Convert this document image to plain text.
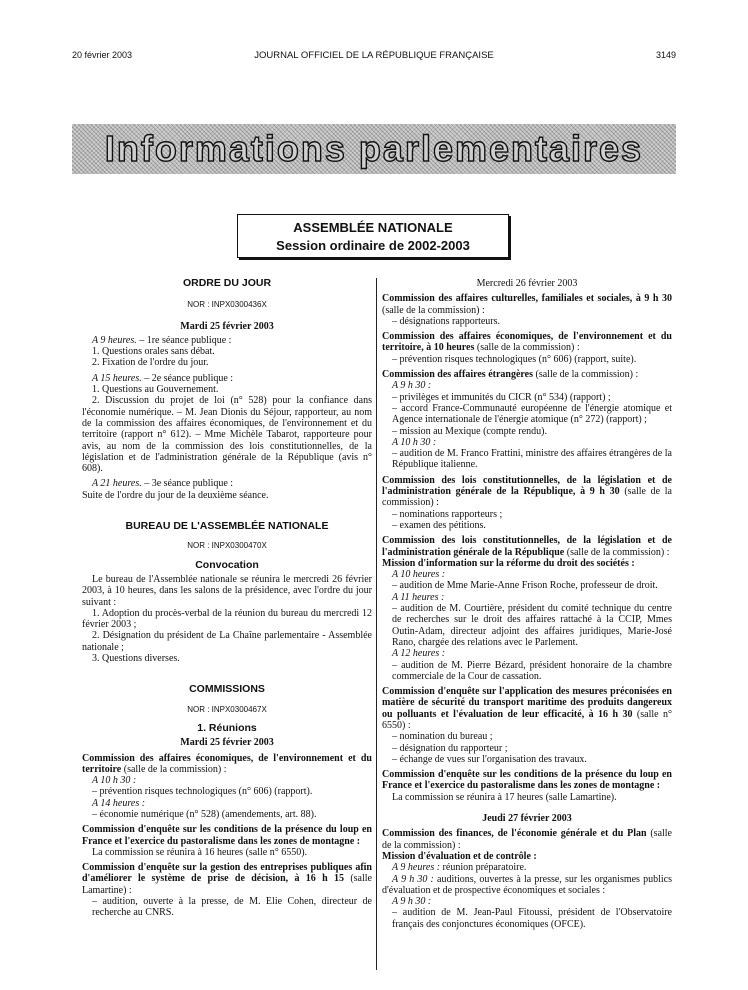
20 février 2003	JOURNAL OFFICIEL DE LA RÉPUBLIQUE FRANÇAISE	3149
Informations parlementaires
ASSEMBLÉE NATIONALE
Session ordinaire de 2002-2003

ORDRE DU JOUR

NOR : INPX0300436X

Mardi 25 février 2003

A 9 heures. – 1re séance publique :

1. Questions orales sans débat.

2. Fixation de l'ordre du jour.

A 15 heures. – 2e séance publique :

1. Questions au Gouvernement.

2. Discussion du projet de loi (n° 528) pour la confiance dans l'économie numérique. – M. Jean Dionis du Séjour, rapporteur, au nom de la commission des affaires économiques, de l'environnement et du territoire (rapport n° 612). – Mme Michèle Tabarot, rapporteure pour avis, au nom de la commission des lois constitutionnelles, de la législation et de l'administration générale de la République (avis n° 608).

A 21 heures. – 3e séance publique :

Suite de l'ordre du jour de la deuxième séance.

BUREAU DE L'ASSEMBLÉE NATIONALE

NOR : INPX0300470X

Convocation

Le bureau de l'Assemblée nationale se réunira le mercredi 26 février 2003, à 10 heures, dans les salons de la présidence, avec l'ordre du jour suivant :

1. Adoption du procès-verbal de la réunion du bureau du mercredi 12 février 2003 ;

2. Désignation du président de La Chaîne parlementaire - Assemblée nationale ;

3. Questions diverses.

COMMISSIONS

NOR : INPX0300467X

1. Réunions

Mardi 25 février 2003

Commission des affaires économiques, de l'environnement et du territoire (salle de la commission) :

A 10 h 30 :

– prévention risques technologiques (n° 606) (rapport).

A 14 heures :

– économie numérique (n° 528) (amendements, art. 88).

Commission d'enquête sur les conditions de la présence du loup en France et l'exercice du pastoralisme dans les zones de montagne :

La commission se réunira à 16 heures (salle n° 6550).

Commission d'enquête sur la gestion des entreprises publiques afin d'améliorer le système de prise de décision, à 16 h 15 (salle Lamartine) :

– audition, ouverte à la presse, de M. Elie Cohen, directeur de recherche au CNRS.

Mercredi 26 février 2003

Commission des affaires culturelles, familiales et sociales, à 9 h 30 (salle de la commission) :

– désignations rapporteurs.

Commission des affaires économiques, de l'environnement et du territoire, à 10 heures (salle de la commission) :

– prévention risques technologiques (n° 606) (rapport, suite).

Commission des affaires étrangères (salle de la commission) :

A 9 h 30 :

– privilèges et immunités du CICR (n° 534) (rapport) ;

– accord France-Communauté européenne de l'énergie atomique et Agence internationale de l'énergie atomique (n° 272) (rapport) ;

– mission au Mexique (compte rendu).

A 10 h 30 :

– audition de M. Franco Frattini, ministre des affaires étrangères de la République italienne.

Commission des lois constitutionnelles, de la législation et de l'administration générale de la République, à 9 h 30 (salle de la commission) :

– nominations rapporteurs ;

– examen des pétitions.

Commission des lois constitutionnelles, de la législation et de l'administration générale de la République (salle de la commission) :

Mission d'information sur la réforme du droit des sociétés :

A 10 heures :

– audition de Mme Marie-Anne Frison Roche, professeur de droit.

A 11 heures :

– audition de M. Courtière, président du comité technique du centre de recherches sur le droit des affaires rattaché à la CCIP, Mmes Outin-Adam, directeur adjoint des affaires juridiques, Marie-José Rano, chargée des relations avec le Parlement.

A 12 heures :

– audition de M. Pierre Bézard, président honoraire de la chambre commerciale de la Cour de cassation.

Commission d'enquête sur l'application des mesures préconisées en matière de sécurité du transport maritime des produits dangereux ou polluants et l'évaluation de leur efficacité, à 16 h 30 (salle n° 6550) :

– nomination du bureau ;

– désignation du rapporteur ;

– échange de vues sur l'organisation des travaux.

Commission d'enquête sur les conditions de la présence du loup en France et l'exercice du pastoralisme dans les zones de montagne :

La commission se réunira à 17 heures (salle Lamartine).

Jeudi 27 février 2003

Commission des finances, de l'économie générale et du Plan (salle de la commission) :

Mission d'évaluation et de contrôle :

A 9 heures : réunion préparatoire.

A 9 h 30 : auditions, ouvertes à la presse, sur les organismes publics d'évaluation et de prospective économiques et sociales :

A 9 h 30 :

– audition de M. Jean-Paul Fitoussi, président de l'Observatoire français des conjonctures économiques (OFCE).
